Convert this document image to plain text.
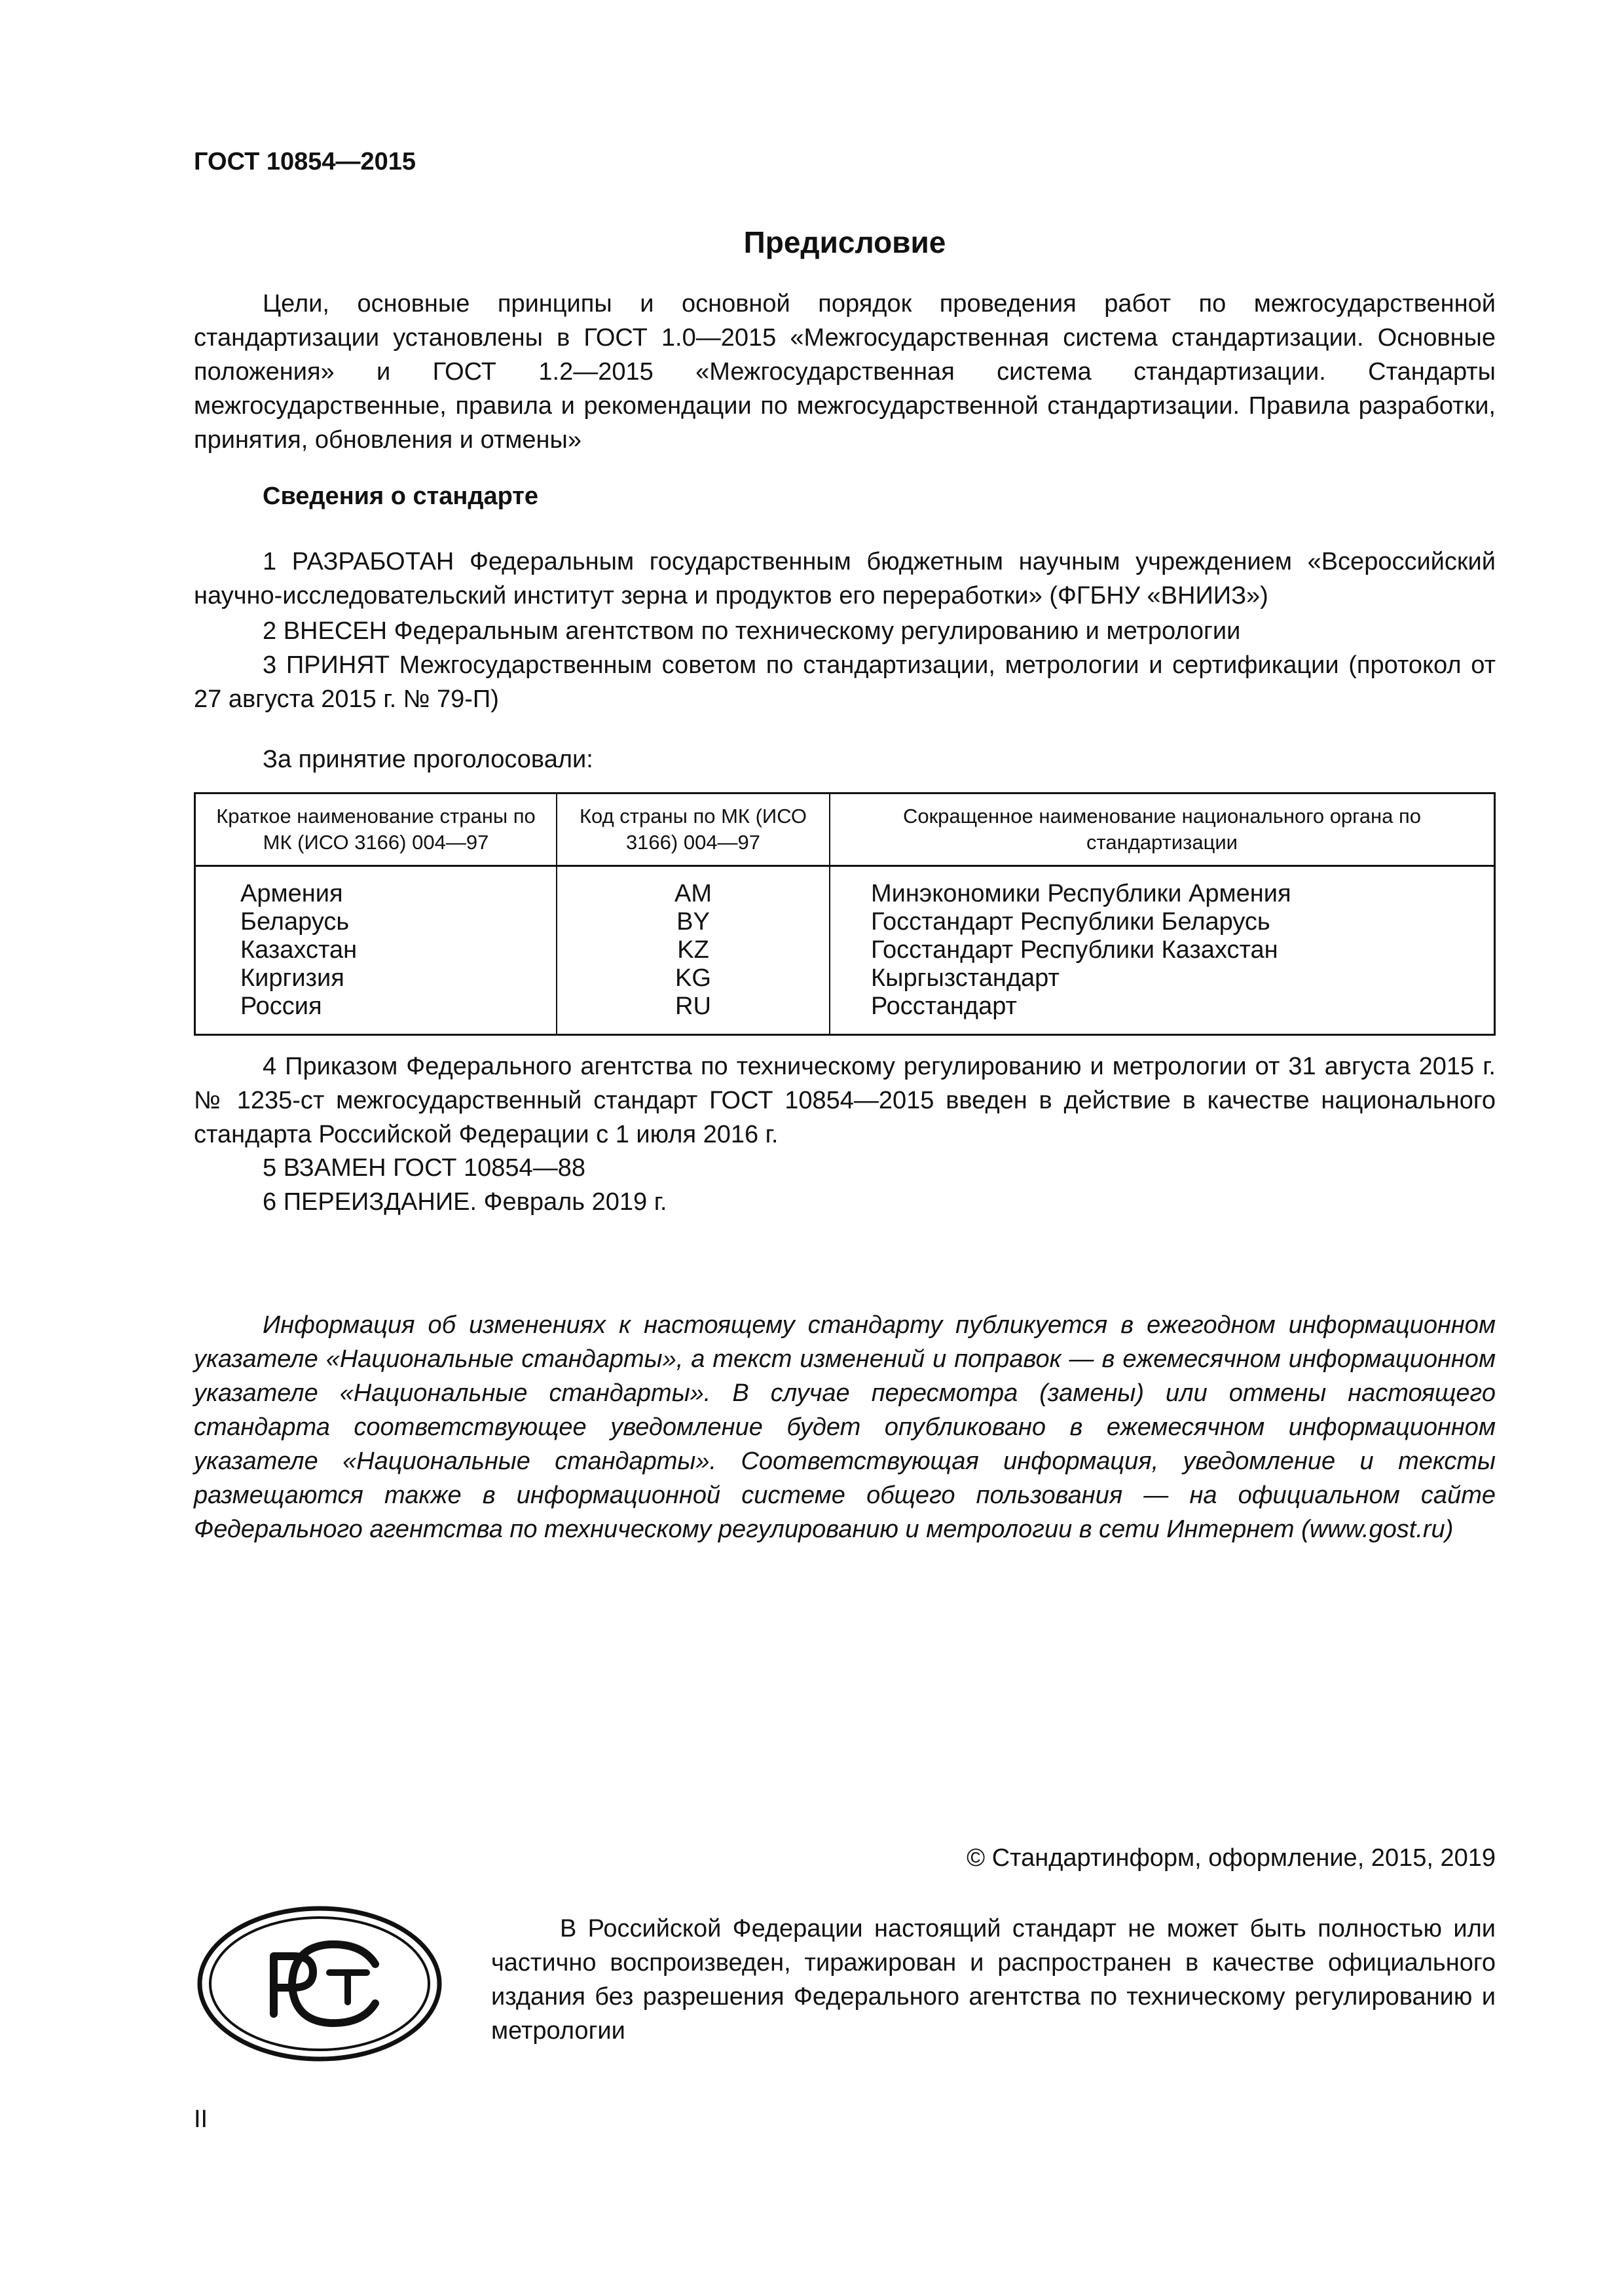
ГОСТ 10854—2015
Предисловие
Цели, основные принципы и основной порядок проведения работ по межгосударственной стандартизации установлены в ГОСТ 1.0—2015 «Межгосударственная система стандартизации. Основные положения» и ГОСТ 1.2—2015 «Межгосударственная система стандартизации. Стандарты межгосударственные, правила и рекомендации по межгосударственной стандартизации. Правила разработки, принятия, обновления и отмены»
Сведения о стандарте
1 РАЗРАБОТАН Федеральным государственным бюджетным научным учреждением «Всероссийский научно-исследовательский институт зерна и продуктов его переработки» (ФГБНУ «ВНИИЗ»)
2 ВНЕСЕН Федеральным агентством по техническому регулированию и метрологии
3 ПРИНЯТ Межгосударственным советом по стандартизации, метрологии и сертификации (протокол от 27 августа 2015 г. № 79-П)
За принятие проголосовали:
Краткое наименование страны по МК (ИСО 3166) 004—97	Код страны по МК (ИСО 3166) 004—97	Сокращенное наименование национального органа по стандартизации
Армения	AM	Минэкономики Республики Армения
Беларусь	BY	Госстандарт Республики Беларусь
Казахстан	KZ	Госстандарт Республики Казахстан
Киргизия	KG	Кыргызстандарт
Россия	RU	Росстандарт
4 Приказом Федерального агентства по техническому регулированию и метрологии от 31 августа 2015 г. № 1235-ст межгосударственный стандарт ГОСТ 10854—2015 введен в действие в качестве национального стандарта Российской Федерации с 1 июля 2016 г.
5 ВЗАМЕН ГОСТ 10854—88
6 ПЕРЕИЗДАНИЕ. Февраль 2019 г.
Информация об изменениях к настоящему стандарту публикуется в ежегодном информационном указателе «Национальные стандарты», а текст изменений и поправок — в ежемесячном информационном указателе «Национальные стандарты». В случае пересмотра (замены) или отмены настоящего стандарта соответствующее уведомление будет опубликовано в ежемесячном информационном указателе «Национальные стандарты». Соответствующая информация, уведомление и тексты размещаются также в информационной системе общего пользования — на официальном сайте Федерального агентства по техническому регулированию и метрологии в сети Интернет (www.gost.ru)
© Стандартинформ, оформление, 2015, 2019
В Российской Федерации настоящий стандарт не может быть полностью или частично воспроизведен, тиражирован и распространен в качестве официального издания без разрешения Федерального агентства по техническому регулированию и метрологии
II
